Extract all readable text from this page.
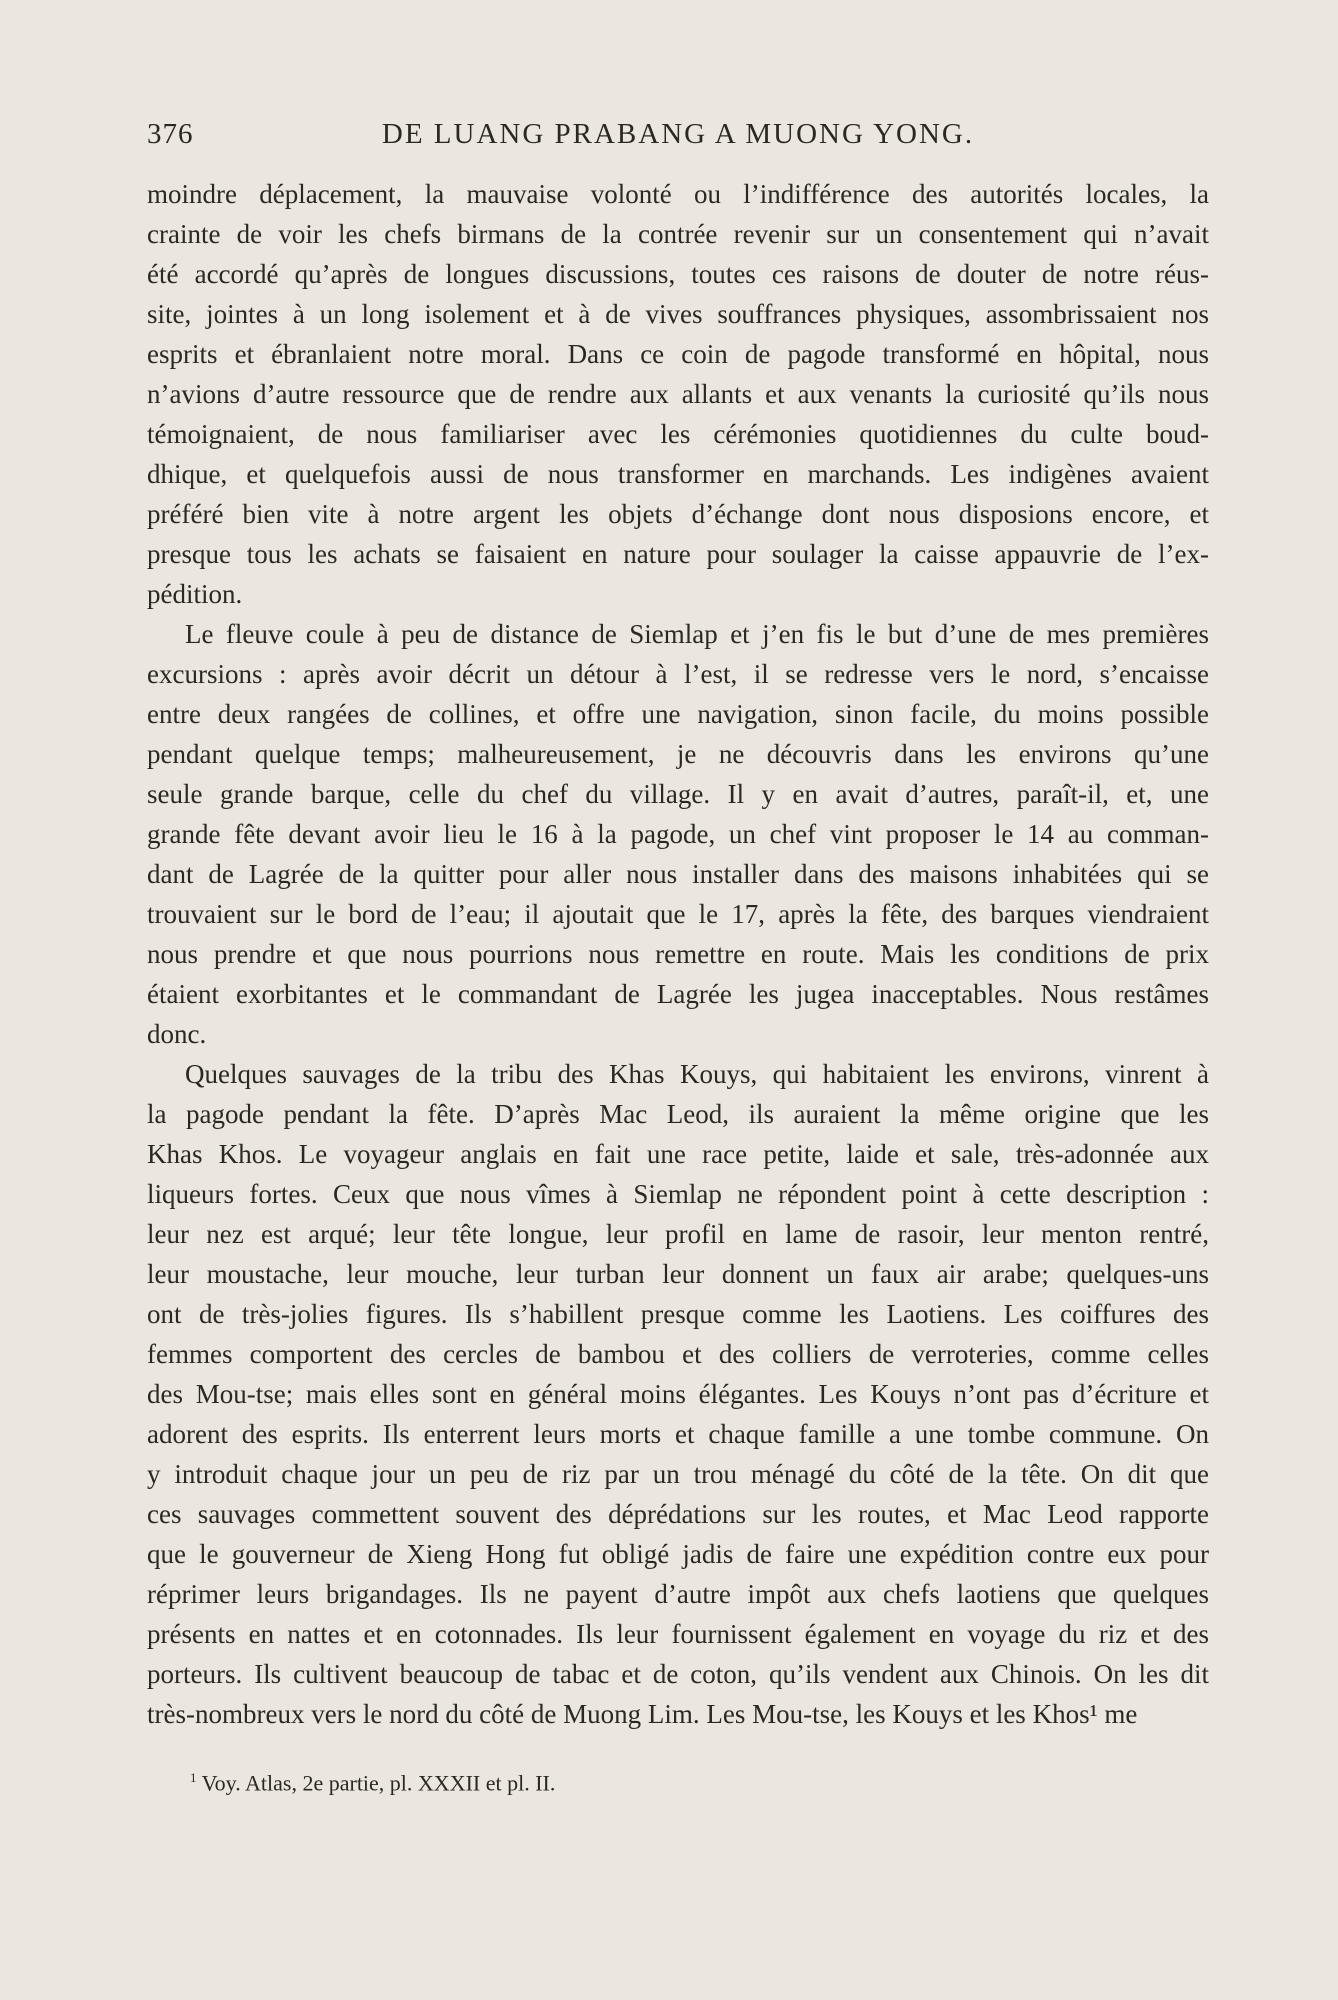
376	DE LUANG PRABANG A MUONG YONG.
moindre déplacement, la mauvaise volonté ou l’indifférence des autorités locales, la
crainte de voir les chefs birmans de la contrée revenir sur un consentement qui n’avait
été accordé qu’après de longues discussions, toutes ces raisons de douter de notre réus-
site, jointes à un long isolement et à de vives souffrances physiques, assombrissaient nos
esprits et ébranlaient notre moral. Dans ce coin de pagode transformé en hôpital, nous
n’avions d’autre ressource que de rendre aux allants et aux venants la curiosité qu’ils nous
témoignaient, de nous familiariser avec les cérémonies quotidiennes du culte boud-
dhique, et quelquefois aussi de nous transformer en marchands. Les indigènes avaient
préféré bien vite à notre argent les objets d’échange dont nous disposions encore, et
presque tous les achats se faisaient en nature pour soulager la caisse appauvrie de l’ex-
pédition.
Le fleuve coule à peu de distance de Siemlap et j’en fis le but d’une de mes premières
excursions : après avoir décrit un détour à l’est, il se redresse vers le nord, s’encaisse
entre deux rangées de collines, et offre une navigation, sinon facile, du moins possible
pendant quelque temps; malheureusement, je ne découvris dans les environs qu’une
seule grande barque, celle du chef du village. Il y en avait d’autres, paraît-il, et, une
grande fête devant avoir lieu le 16 à la pagode, un chef vint proposer le 14 au comman-
dant de Lagrée de la quitter pour aller nous installer dans des maisons inhabitées qui se
trouvaient sur le bord de l’eau; il ajoutait que le 17, après la fête, des barques viendraient
nous prendre et que nous pourrions nous remettre en route. Mais les conditions de prix
étaient exorbitantes et le commandant de Lagrée les jugea inacceptables. Nous restâmes
donc.
Quelques sauvages de la tribu des Khas Kouys, qui habitaient les environs, vinrent à
la pagode pendant la fête. D’après Mac Leod, ils auraient la même origine que les
Khas Khos. Le voyageur anglais en fait une race petite, laide et sale, très-adonnée aux
liqueurs fortes. Ceux que nous vîmes à Siemlap ne répondent point à cette description :
leur nez est arqué; leur tête longue, leur profil en lame de rasoir, leur menton rentré,
leur moustache, leur mouche, leur turban leur donnent un faux air arabe; quelques-uns
ont de très-jolies figures. Ils s’habillent presque comme les Laotiens. Les coiffures des
femmes comportent des cercles de bambou et des colliers de verroteries, comme celles
des Mou-tse; mais elles sont en général moins élégantes. Les Kouys n’ont pas d’écriture et
adorent des esprits. Ils enterrent leurs morts et chaque famille a une tombe commune. On
y introduit chaque jour un peu de riz par un trou ménagé du côté de la tête. On dit que
ces sauvages commettent souvent des déprédations sur les routes, et Mac Leod rapporte
que le gouverneur de Xieng Hong fut obligé jadis de faire une expédition contre eux pour
réprimer leurs brigandages. Ils ne payent d’autre impôt aux chefs laotiens que quelques
présents en nattes et en cotonnades. Ils leur fournissent également en voyage du riz et des
porteurs. Ils cultivent beaucoup de tabac et de coton, qu’ils vendent aux Chinois. On les dit
très-nombreux vers le nord du côté de Muong Lim. Les Mou-tse, les Kouys et les Khos¹ me
$^1$ Voy. Atlas, 2e partie, pl. XXXII et pl. II.
